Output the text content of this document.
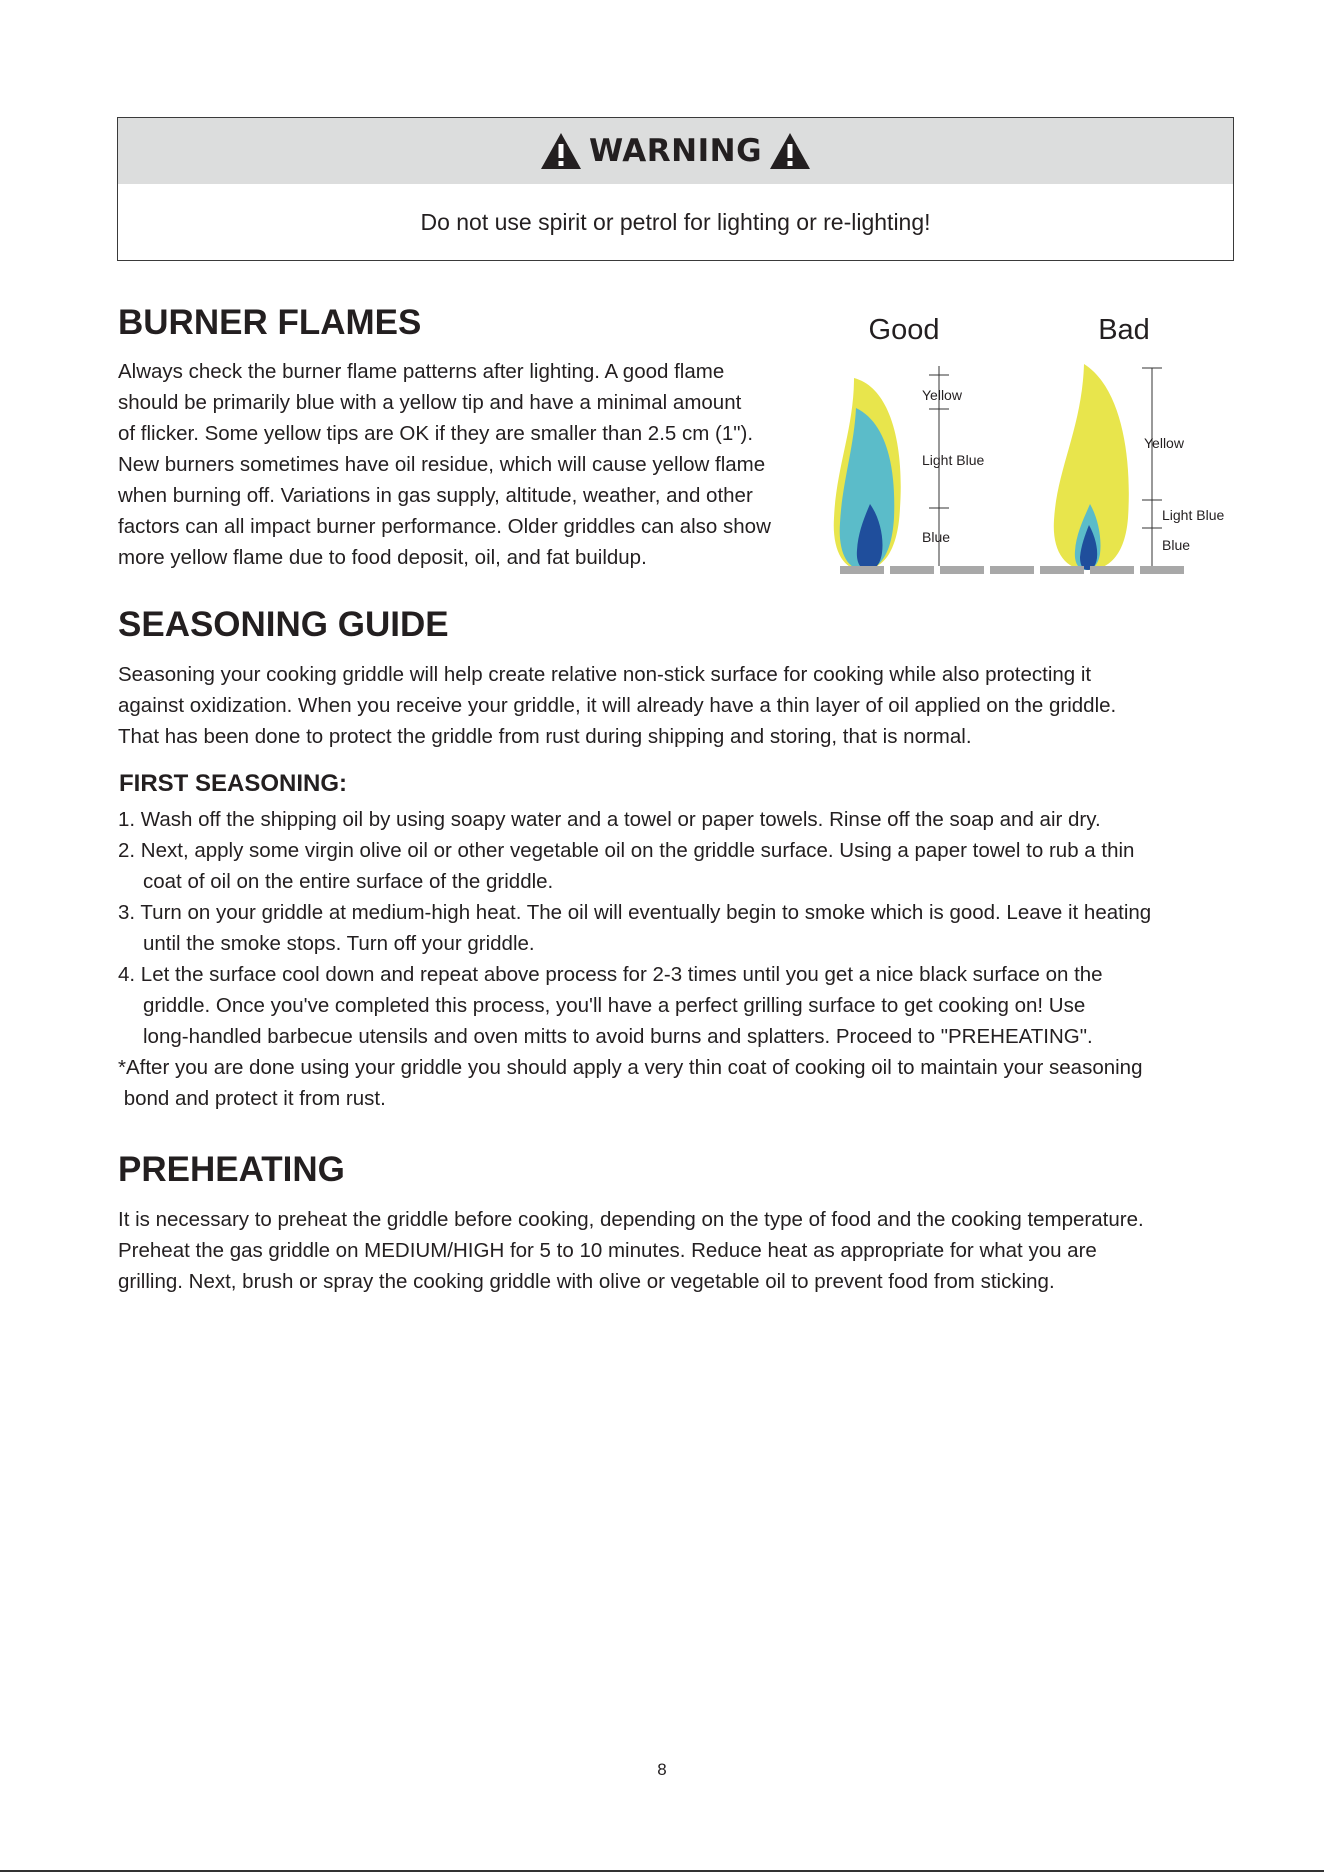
WARNING
Do not use spirit or petrol for lighting or re-lighting!
BURNER FLAMES
Always check the burner flame patterns after lighting. A good flame
should be primarily blue with a yellow tip and have a minimal amount
of flicker. Some yellow tips are OK if they are smaller than 2.5 cm (1").
New burners sometimes have oil residue, which will cause yellow flame
when burning off. Variations in gas supply, altitude, weather, and other
factors can all impact burner performance. Older griddles can also show
more yellow flame due to food deposit, oil, and fat buildup.
Good	Bad
Yellow
Light Blue
Blue
Yellow
Light Blue
Blue
SEASONING GUIDE
Seasoning your cooking griddle will help create relative non-stick surface for cooking while also protecting it
against oxidization. When you receive your griddle, it will already have a thin layer of oil applied on the griddle.
That has been done to protect the griddle from rust during shipping and storing, that is normal.
FIRST SEASONING:
1. Wash off the shipping oil by using soapy water and a towel or paper towels. Rinse off the soap and air dry.
2. Next, apply some virgin olive oil or other vegetable oil on the griddle surface. Using a paper towel to rub a thin
coat of oil on the entire surface of the griddle.
3. Turn on your griddle at medium-high heat. The oil will eventually begin to smoke which is good. Leave it heating
until the smoke stops. Turn off your griddle.
4. Let the surface cool down and repeat above process for 2-3 times until you get a nice black surface on the
griddle. Once you've completed this process, you'll have a perfect grilling surface to get cooking on! Use
long-handled barbecue utensils and oven mitts to avoid burns and splatters. Proceed to "PREHEATING".
*After you are done using your griddle you should apply a very thin coat of cooking oil to maintain your seasoning
bond and protect it from rust.
PREHEATING
It is necessary to preheat the griddle before cooking, depending on the type of food and the cooking temperature.
Preheat the gas griddle on MEDIUM/HIGH for 5 to 10 minutes. Reduce heat as appropriate for what you are
grilling. Next, brush or spray the cooking griddle with olive or vegetable oil to prevent food from sticking.
8
